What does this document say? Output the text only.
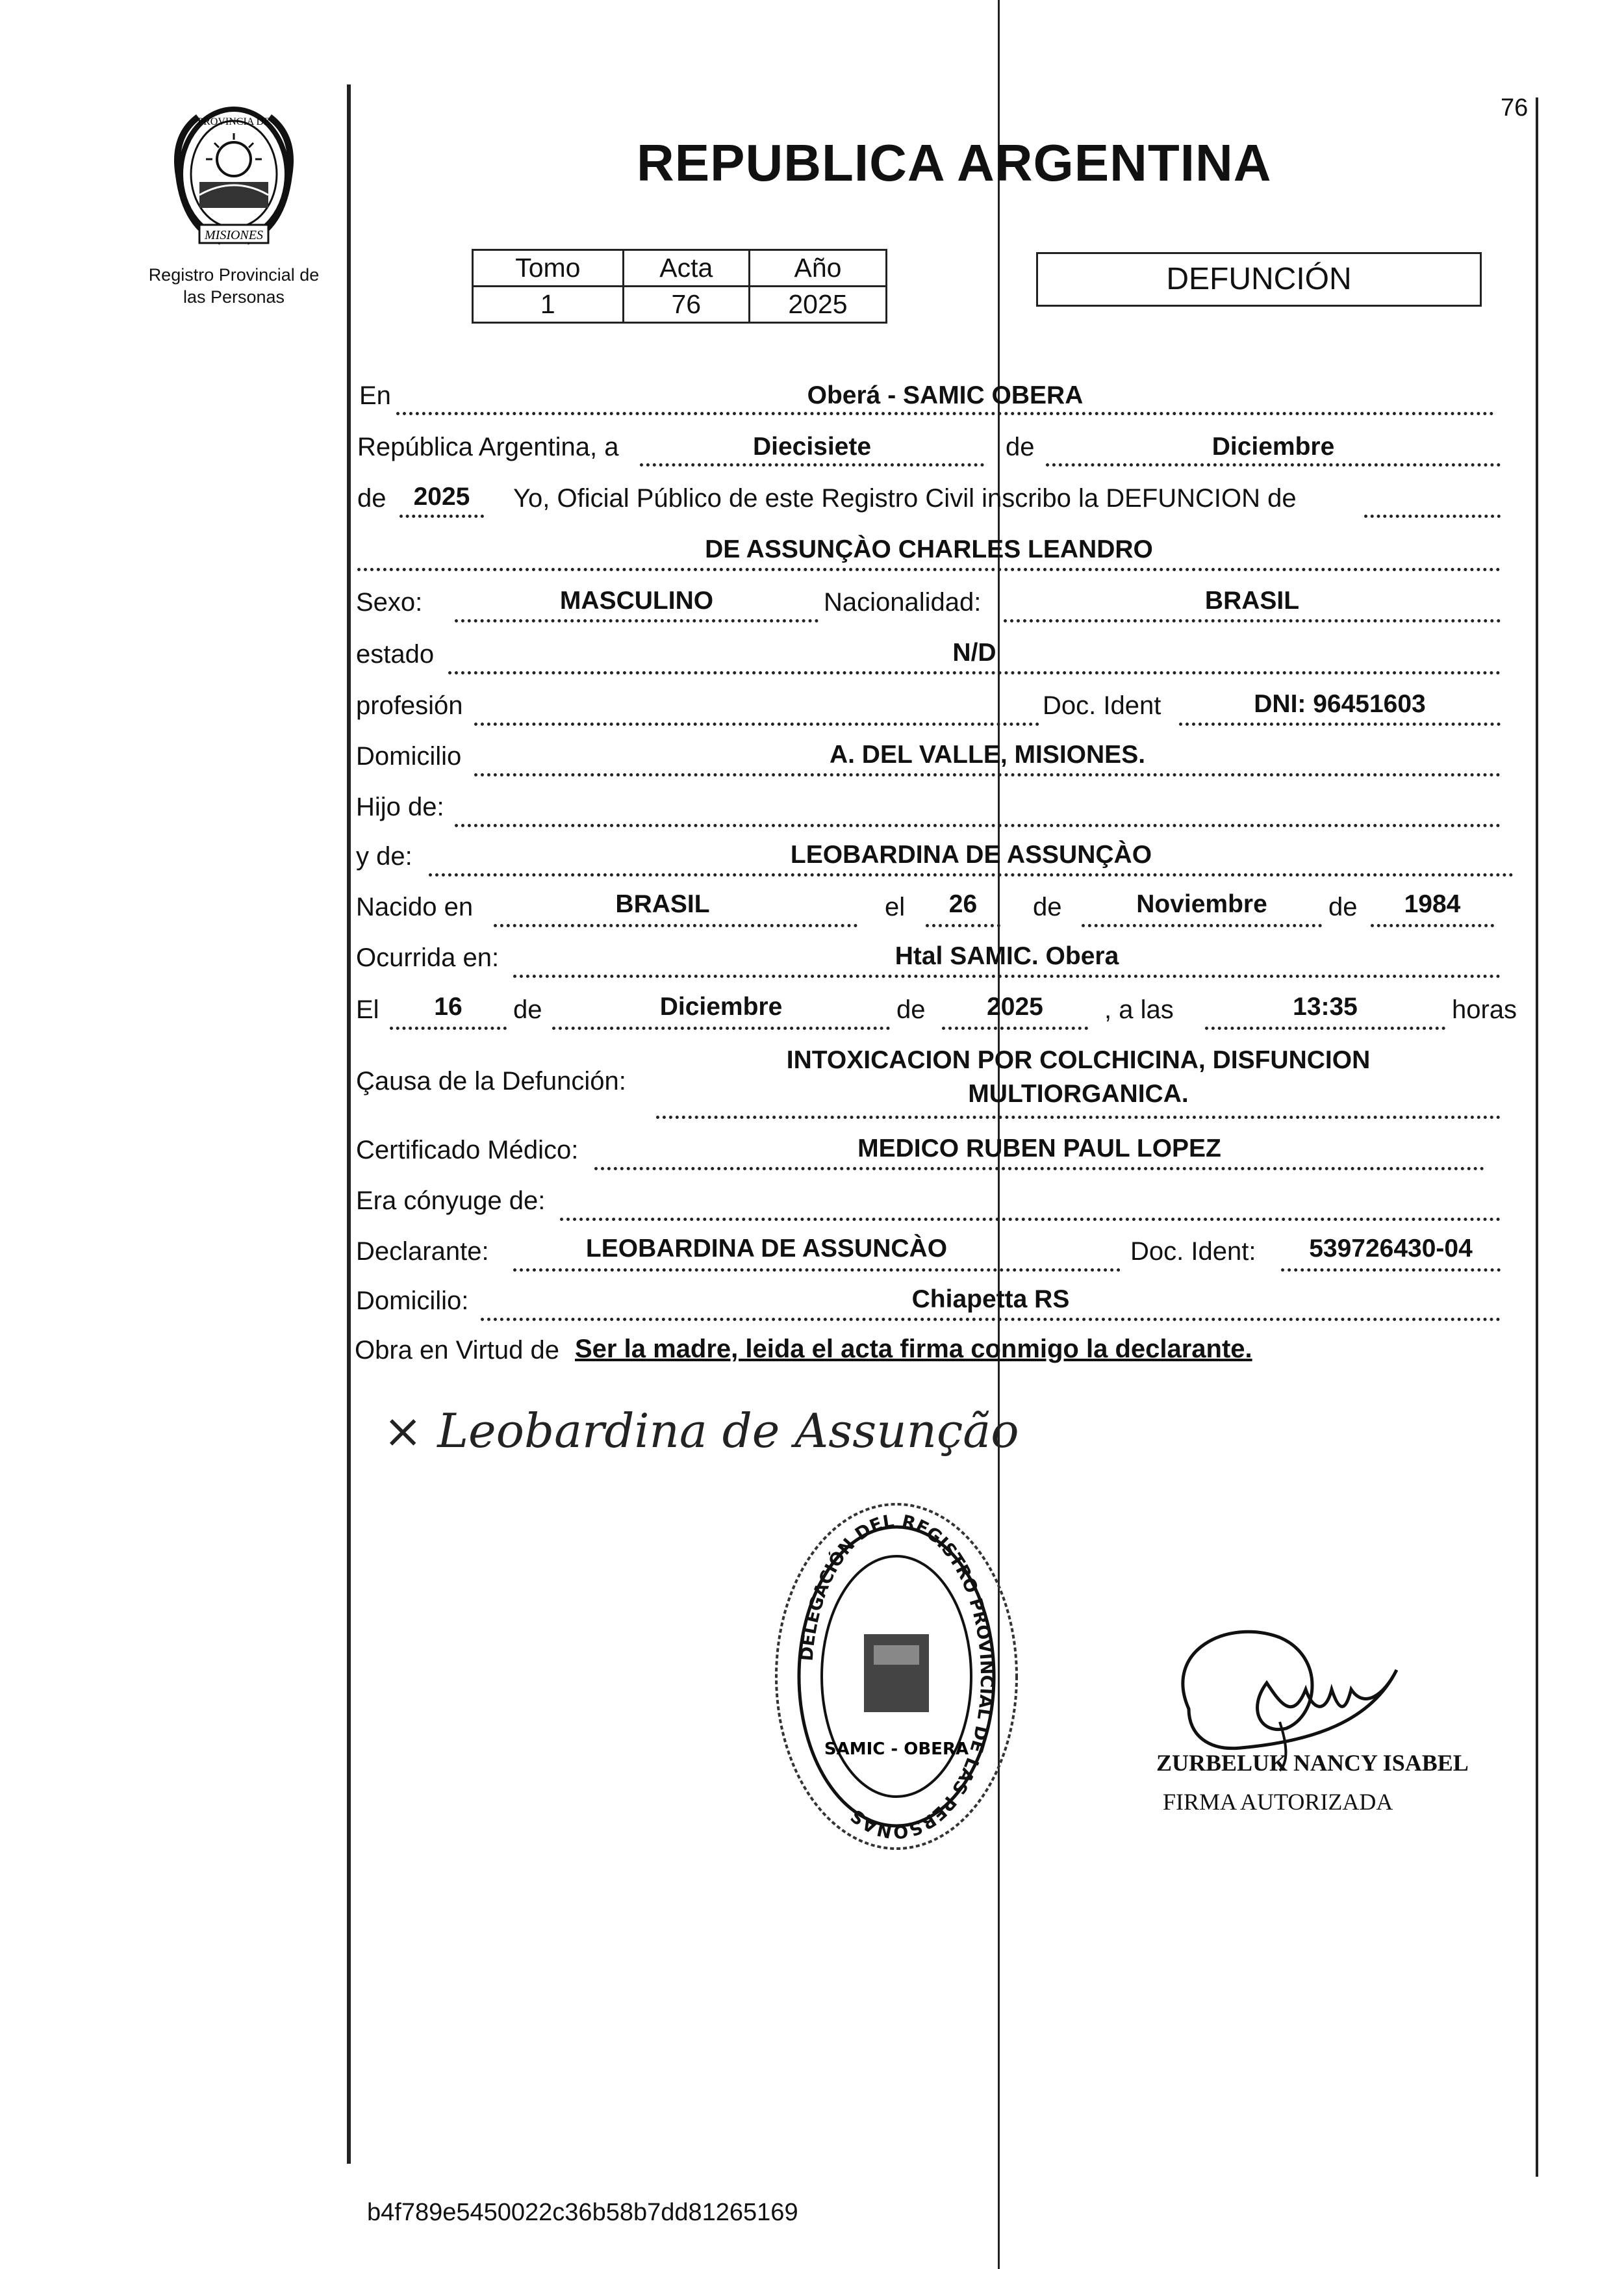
MISIONES
PROVINCIA DE
Registro Provincial de
las Personas
76
REPUBLICA ARGENTINA
Tomo	Acta	Año
1	76	2025
DEFUNCIÓN
En	Oberá - SAMIC OBERA
República Argentina, a	Diecisiete	de	Diciembre
de	2025	Yo, Oficial Público de este Registro Civil inscribo la DEFUNCION de
DE ASSUNÇÀO CHARLES LEANDRO
Sexo:	MASCULINO	Nacionalidad:	BRASIL
estado	N/D
profesión	Doc. Ident	DNI: 96451603
Domicilio	A. DEL VALLE, MISIONES.
Hijo de:
y de:	LEOBARDINA DE ASSUNÇÀO
Nacido en	BRASIL	el	26	de	Noviembre	de	1984
Ocurrida en:	Htal SAMIC. Obera
El	16	de	Diciembre	de	2025	, a las	13:35	horas
Çausa de la Defunción:
INTOXICACION POR COLCHICINA, DISFUNCION
MULTIORGANICA.
Certificado Médico:	MEDICO RUBEN PAUL LOPEZ
Era cónyuge de:
Declarante:	LEOBARDINA DE ASSUNCÀO	Doc. Ident:	539726430-04
Domicilio:	Chiapetta RS
Obra en Virtud de Ser la madre, leida el acta firma conmigo la declarante.
× Leobardina de Assunção
DELEGACIÓN DEL REGISTRO PROVINCIAL DE LAS PERSONAS
SAMIC - OBERA
ZURBELUK NANCY ISABEL
FIRMA AUTORIZADA
b4f789e5450022c36b58b7dd81265169
